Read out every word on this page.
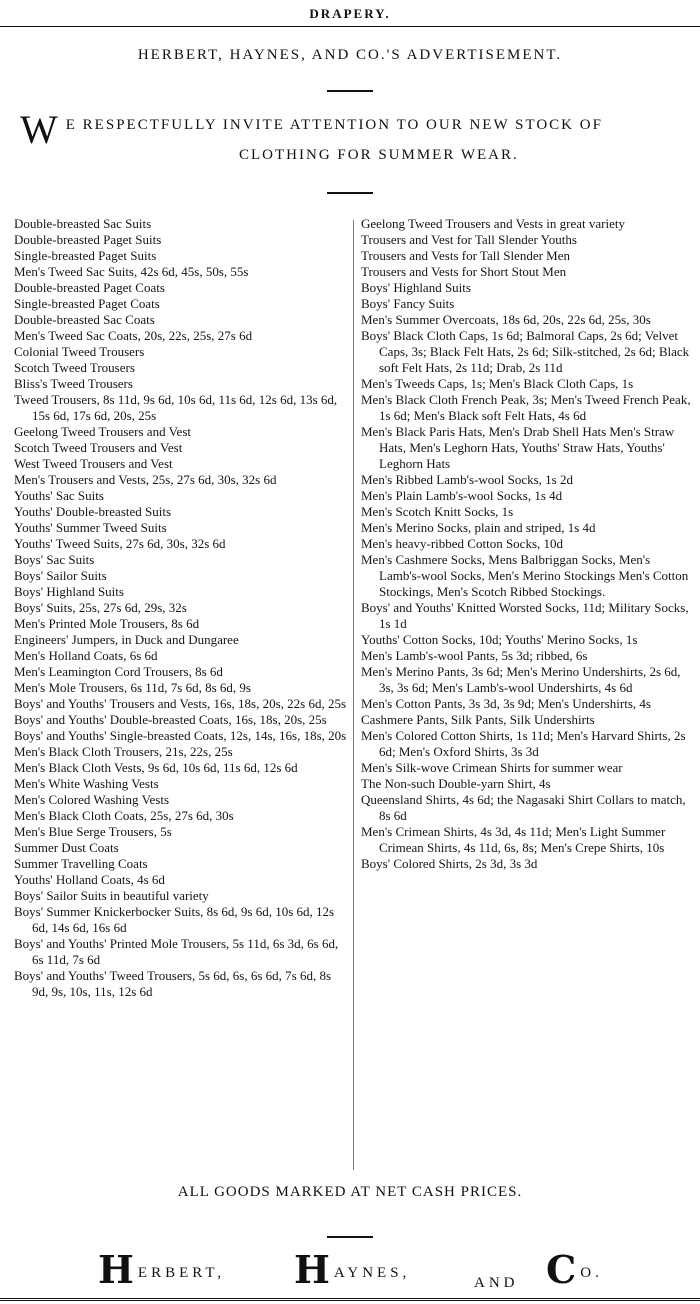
DRAPERY.
HERBERT, HAYNES, AND CO.'S ADVERTISEMENT.
W E RESPECTFULLY INVITE ATTENTION TO OUR NEW STOCK OF
CLOTHING FOR SUMMER WEAR.
Double-breasted Sac Suits
Double-breasted Paget Suits
Single-breasted Paget Suits
Men's Tweed Sac Suits, 42s 6d, 45s, 50s, 55s
Double-breasted Paget Coats
Single-breasted Paget Coats
Double-breasted Sac Coats
Men's Tweed Sac Coats, 20s, 22s, 25s, 27s 6d
Colonial Tweed Trousers
Scotch Tweed Trousers
Bliss's Tweed Trousers
Tweed Trousers, 8s 11d, 9s 6d, 10s 6d, 11s 6d, 12s 6d, 13s 6d, 15s 6d, 17s 6d, 20s, 25s
Geelong Tweed Trousers and Vest
Scotch Tweed Trousers and Vest
West Tweed Trousers and Vest
Men's Trousers and Vests, 25s, 27s 6d, 30s, 32s 6d
Youths' Sac Suits
Youths' Double-breasted Suits
Youths' Summer Tweed Suits
Youths' Tweed Suits, 27s 6d, 30s, 32s 6d
Boys' Sac Suits
Boys' Sailor Suits
Boys' Highland Suits
Boys' Suits, 25s, 27s 6d, 29s, 32s
Men's Printed Mole Trousers, 8s 6d
Engineers' Jumpers, in Duck and Dungaree
Men's Holland Coats, 6s 6d
Men's Leamington Cord Trousers, 8s 6d
Men's Mole Trousers, 6s 11d, 7s 6d, 8s 6d, 9s
Boys' and Youths' Trousers and Vests, 16s, 18s, 20s, 22s 6d, 25s
Boys' and Youths' Double-breasted Coats, 16s, 18s, 20s, 25s
Boys' and Youths' Single-breasted Coats, 12s, 14s, 16s, 18s, 20s
Men's Black Cloth Trousers, 21s, 22s, 25s
Men's Black Cloth Vests, 9s 6d, 10s 6d, 11s 6d, 12s 6d
Men's White Washing Vests
Men's Colored Washing Vests
Men's Black Cloth Coats, 25s, 27s 6d, 30s
Men's Blue Serge Trousers, 5s
Summer Dust Coats
Summer Travelling Coats
Youths' Holland Coats, 4s 6d
Boys' Sailor Suits in beautiful variety
Boys' Summer Knickerbocker Suits, 8s 6d, 9s 6d, 10s 6d, 12s 6d, 14s 6d, 16s 6d
Boys' and Youths' Printed Mole Trousers, 5s 11d, 6s 3d, 6s 6d, 6s 11d, 7s 6d
Boys' and Youths' Tweed Trousers, 5s 6d, 6s, 6s 6d, 7s 6d, 8s 9d, 9s, 10s, 11s, 12s 6d
Geelong Tweed Trousers and Vests in great variety
Trousers and Vest for Tall Slender Youths
Trousers and Vests for Tall Slender Men
Trousers and Vests for Short Stout Men
Boys' Highland Suits
Boys' Fancy Suits
Men's Summer Overcoats, 18s 6d, 20s, 22s 6d, 25s, 30s
Boys' Black Cloth Caps, 1s 6d; Balmoral Caps, 2s 6d; Velvet Caps, 3s; Black Felt Hats, 2s 6d; Silk-stitched, 2s 6d; Black soft Felt Hats, 2s 11d; Drab, 2s 11d
Men's Tweeds Caps, 1s; Men's Black Cloth Caps, 1s
Men's Black Cloth French Peak, 3s; Men's Tweed French Peak, 1s 6d; Men's Black soft Felt Hats, 4s 6d
Men's Black Paris Hats, Men's Drab Shell Hats Men's Straw Hats, Men's Leghorn Hats, Youths' Straw Hats, Youths' Leghorn Hats
Men's Ribbed Lamb's-wool Socks, 1s 2d
Men's Plain Lamb's-wool Socks, 1s 4d
Men's Scotch Knitt Socks, 1s
Men's Merino Socks, plain and striped, 1s 4d
Men's heavy-ribbed Cotton Socks, 10d
Men's Cashmere Socks, Mens Balbriggan Socks, Men's Lamb's-wool Socks, Men's Merino Stockings Men's Cotton Stockings, Men's Scotch Ribbed Stockings.
Boys' and Youths' Knitted Worsted Socks, 11d; Military Socks, 1s 1d
Youths' Cotton Socks, 10d; Youths' Merino Socks, 1s
Men's Lamb's-wool Pants, 5s 3d; ribbed, 6s
Men's Merino Pants, 3s 6d; Men's Merino Undershirts, 2s 6d, 3s, 3s 6d; Men's Lamb's-wool Undershirts, 4s 6d
Men's Cotton Pants, 3s 3d, 3s 9d; Men's Undershirts, 4s
Cashmere Pants, Silk Pants, Silk Undershirts
Men's Colored Cotton Shirts, 1s 11d; Men's Harvard Shirts, 2s 6d; Men's Oxford Shirts, 3s 3d
Men's Silk-wove Crimean Shirts for summer wear
The Non-such Double-yarn Shirt, 4s
Queensland Shirts, 4s 6d; the Nagasaki Shirt Collars to match, 8s 6d
Men's Crimean Shirts, 4s 3d, 4s 11d; Men's Light Summer Crimean Shirts, 4s 11d, 6s, 8s; Men's Crepe Shirts, 10s
Boys' Colored Shirts, 2s 3d, 3s 3d
ALL GOODS MARKED AT NET CASH PRICES.
HERBERT, HAYNES,
AND C O.
